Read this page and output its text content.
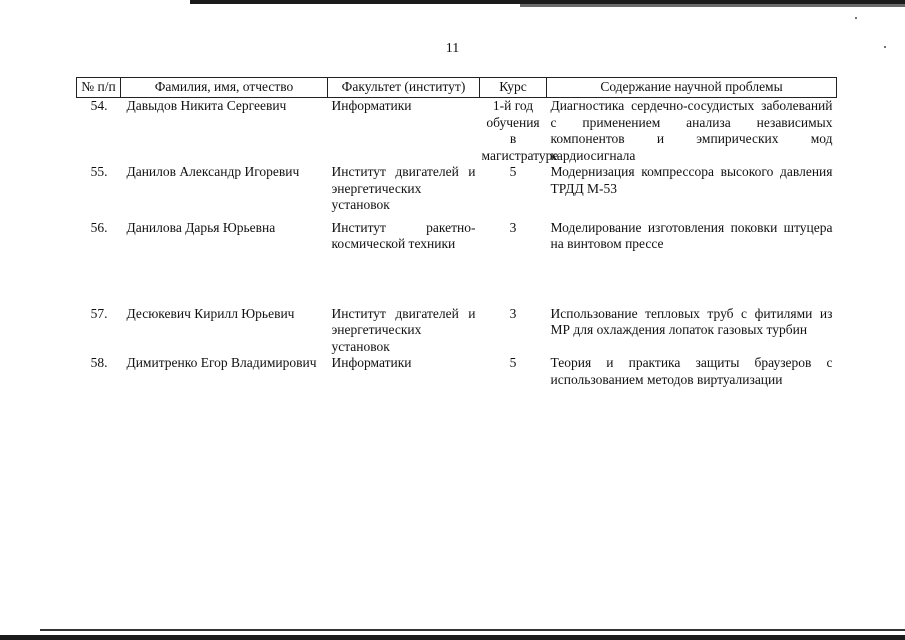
11
№ п/п	Фамилия, имя, отчество	Факультет (институт)	Курс	Содержание научной проблемы
54.	Давыдов Никита Сергеевич	Информатики	1-й год обучения в магистратуре	Диагностика сердечно-сосудистых заболеваний с применением анализа независимых компонентов и эмпирических мод кардиосигнала
55.	Данилов Александр Игоревич	Институт двигателей и энергетических установок	5	Модернизация компрессора высокого давления ТРДД М-53

56.	Данилова Дарья Юрьевна	Институт ракетно-космической техники	3	Моделирование изготовления поковки штуцера на винтовом прессе

57.	Десюкевич Кирилл Юрьевич	Институт двигателей и энергетических установок	3	Использование тепловых труб с фитилями из МР для охлаждения лопаток газовых турбин
58.	Димитренко Егор Владимирович	Информатики	5	Теория и практика защиты браузеров с использованием методов виртуализации
